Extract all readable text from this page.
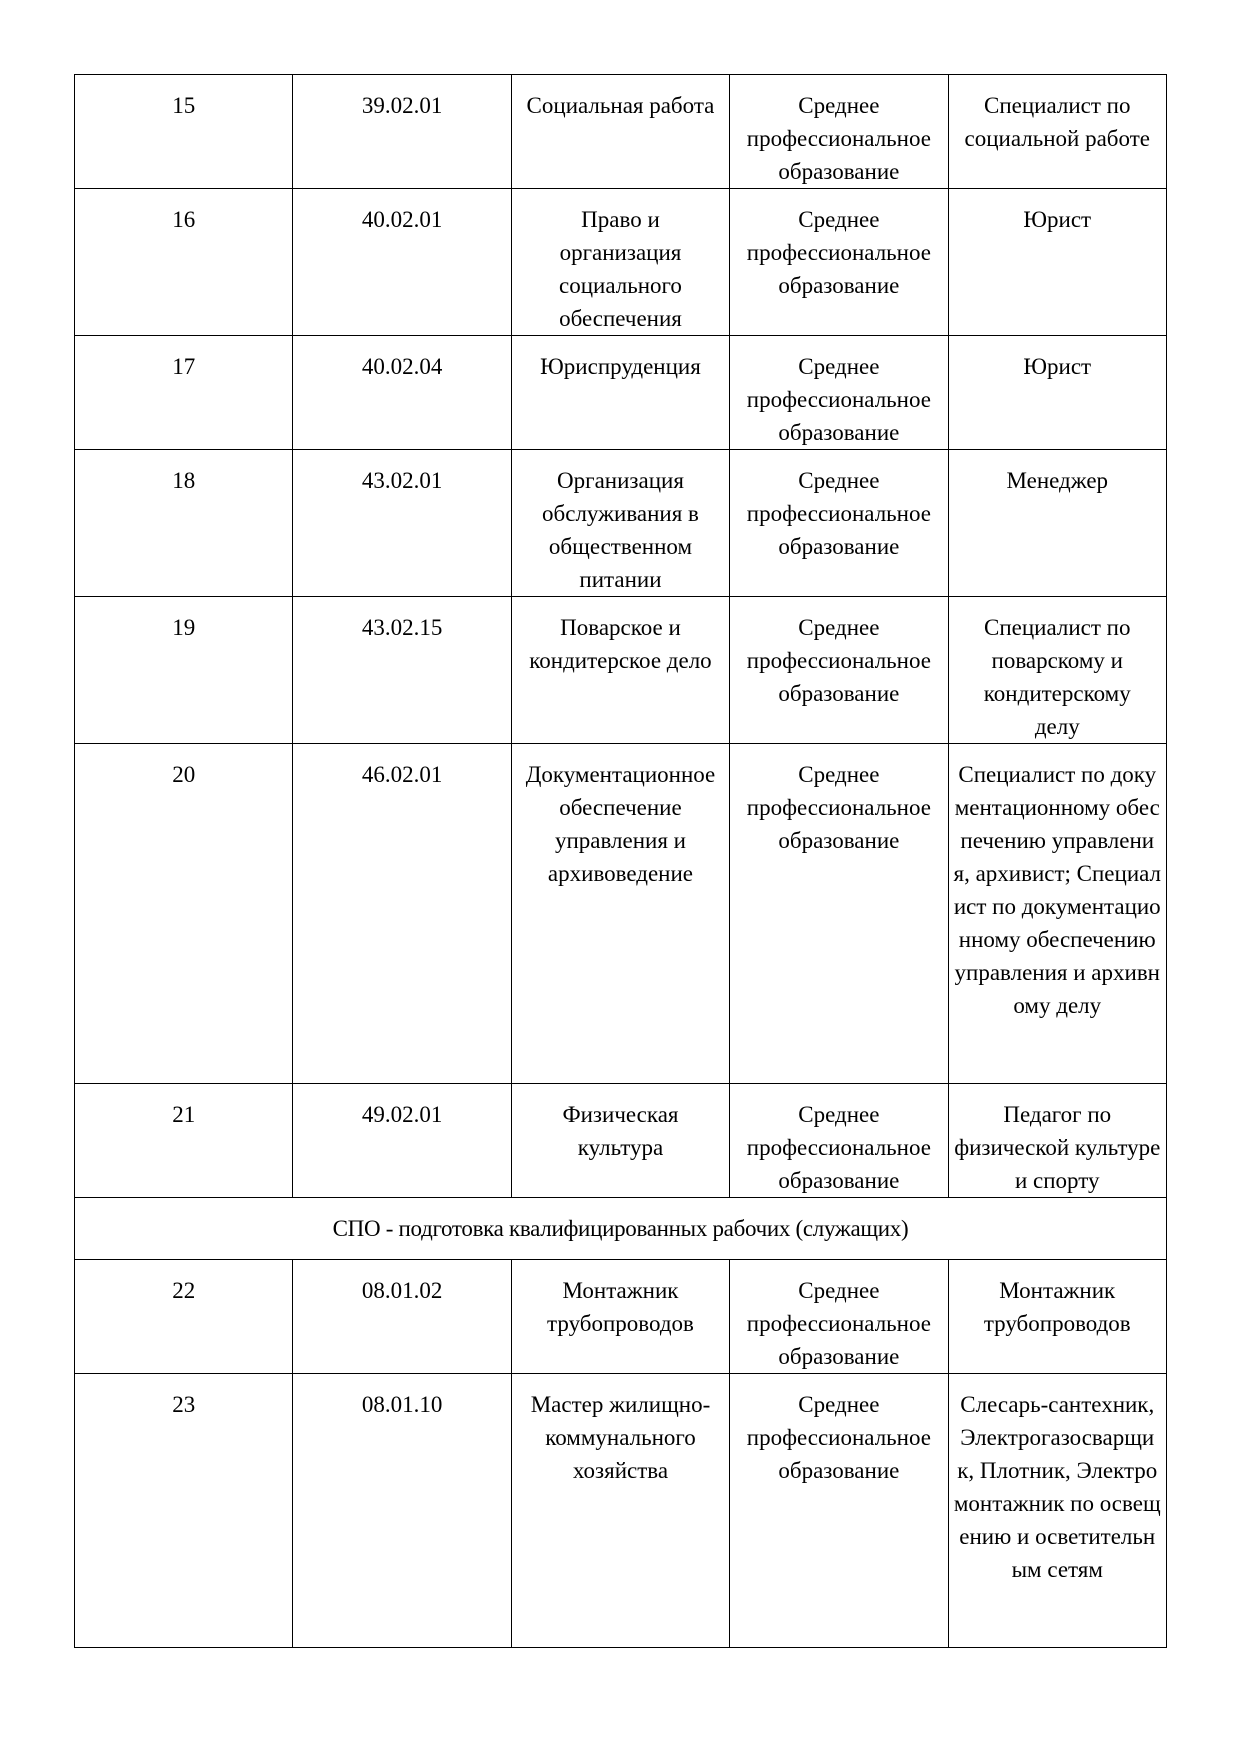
15	39.02.01	Социальная работа	Среднее профессиональное образование	Специалист по социальной работе
16	40.02.01	Право и организация социального обеспечения	Среднее профессиональное образование	Юрист
17	40.02.04	Юриспруденция	Среднее профессиональное образование	Юрист
18	43.02.01	Организация обслуживания в общественном питании	Среднее профессиональное образование	Менеджер
19	43.02.15	Поварское и кондитерское дело	Среднее профессиональное образование	Специалист по поварскому и кондитерскому делу
20	46.02.01	Документационное обеспечение управления и архивоведение	Среднее профессиональное образование	Специалист по документационному обеспечению управления, архивист; Специалист по документационному обеспечению управления и архивному делу
21	49.02.01	Физическая культура	Среднее профессиональное образование	Педагог по физической культуре и спорту
СПО - подготовка квалифицированных рабочих (служащих)				
22	08.01.02	Монтажник трубопроводов	Среднее профессиональное образование	Монтажник трубопроводов
23	08.01.10	Мастер жилищно-коммунального хозяйства	Среднее профессиональное образование	Слесарь-сантехник, Электрогазосварщик, Плотник, Электромонтажник по освещению и осветительным сетям
